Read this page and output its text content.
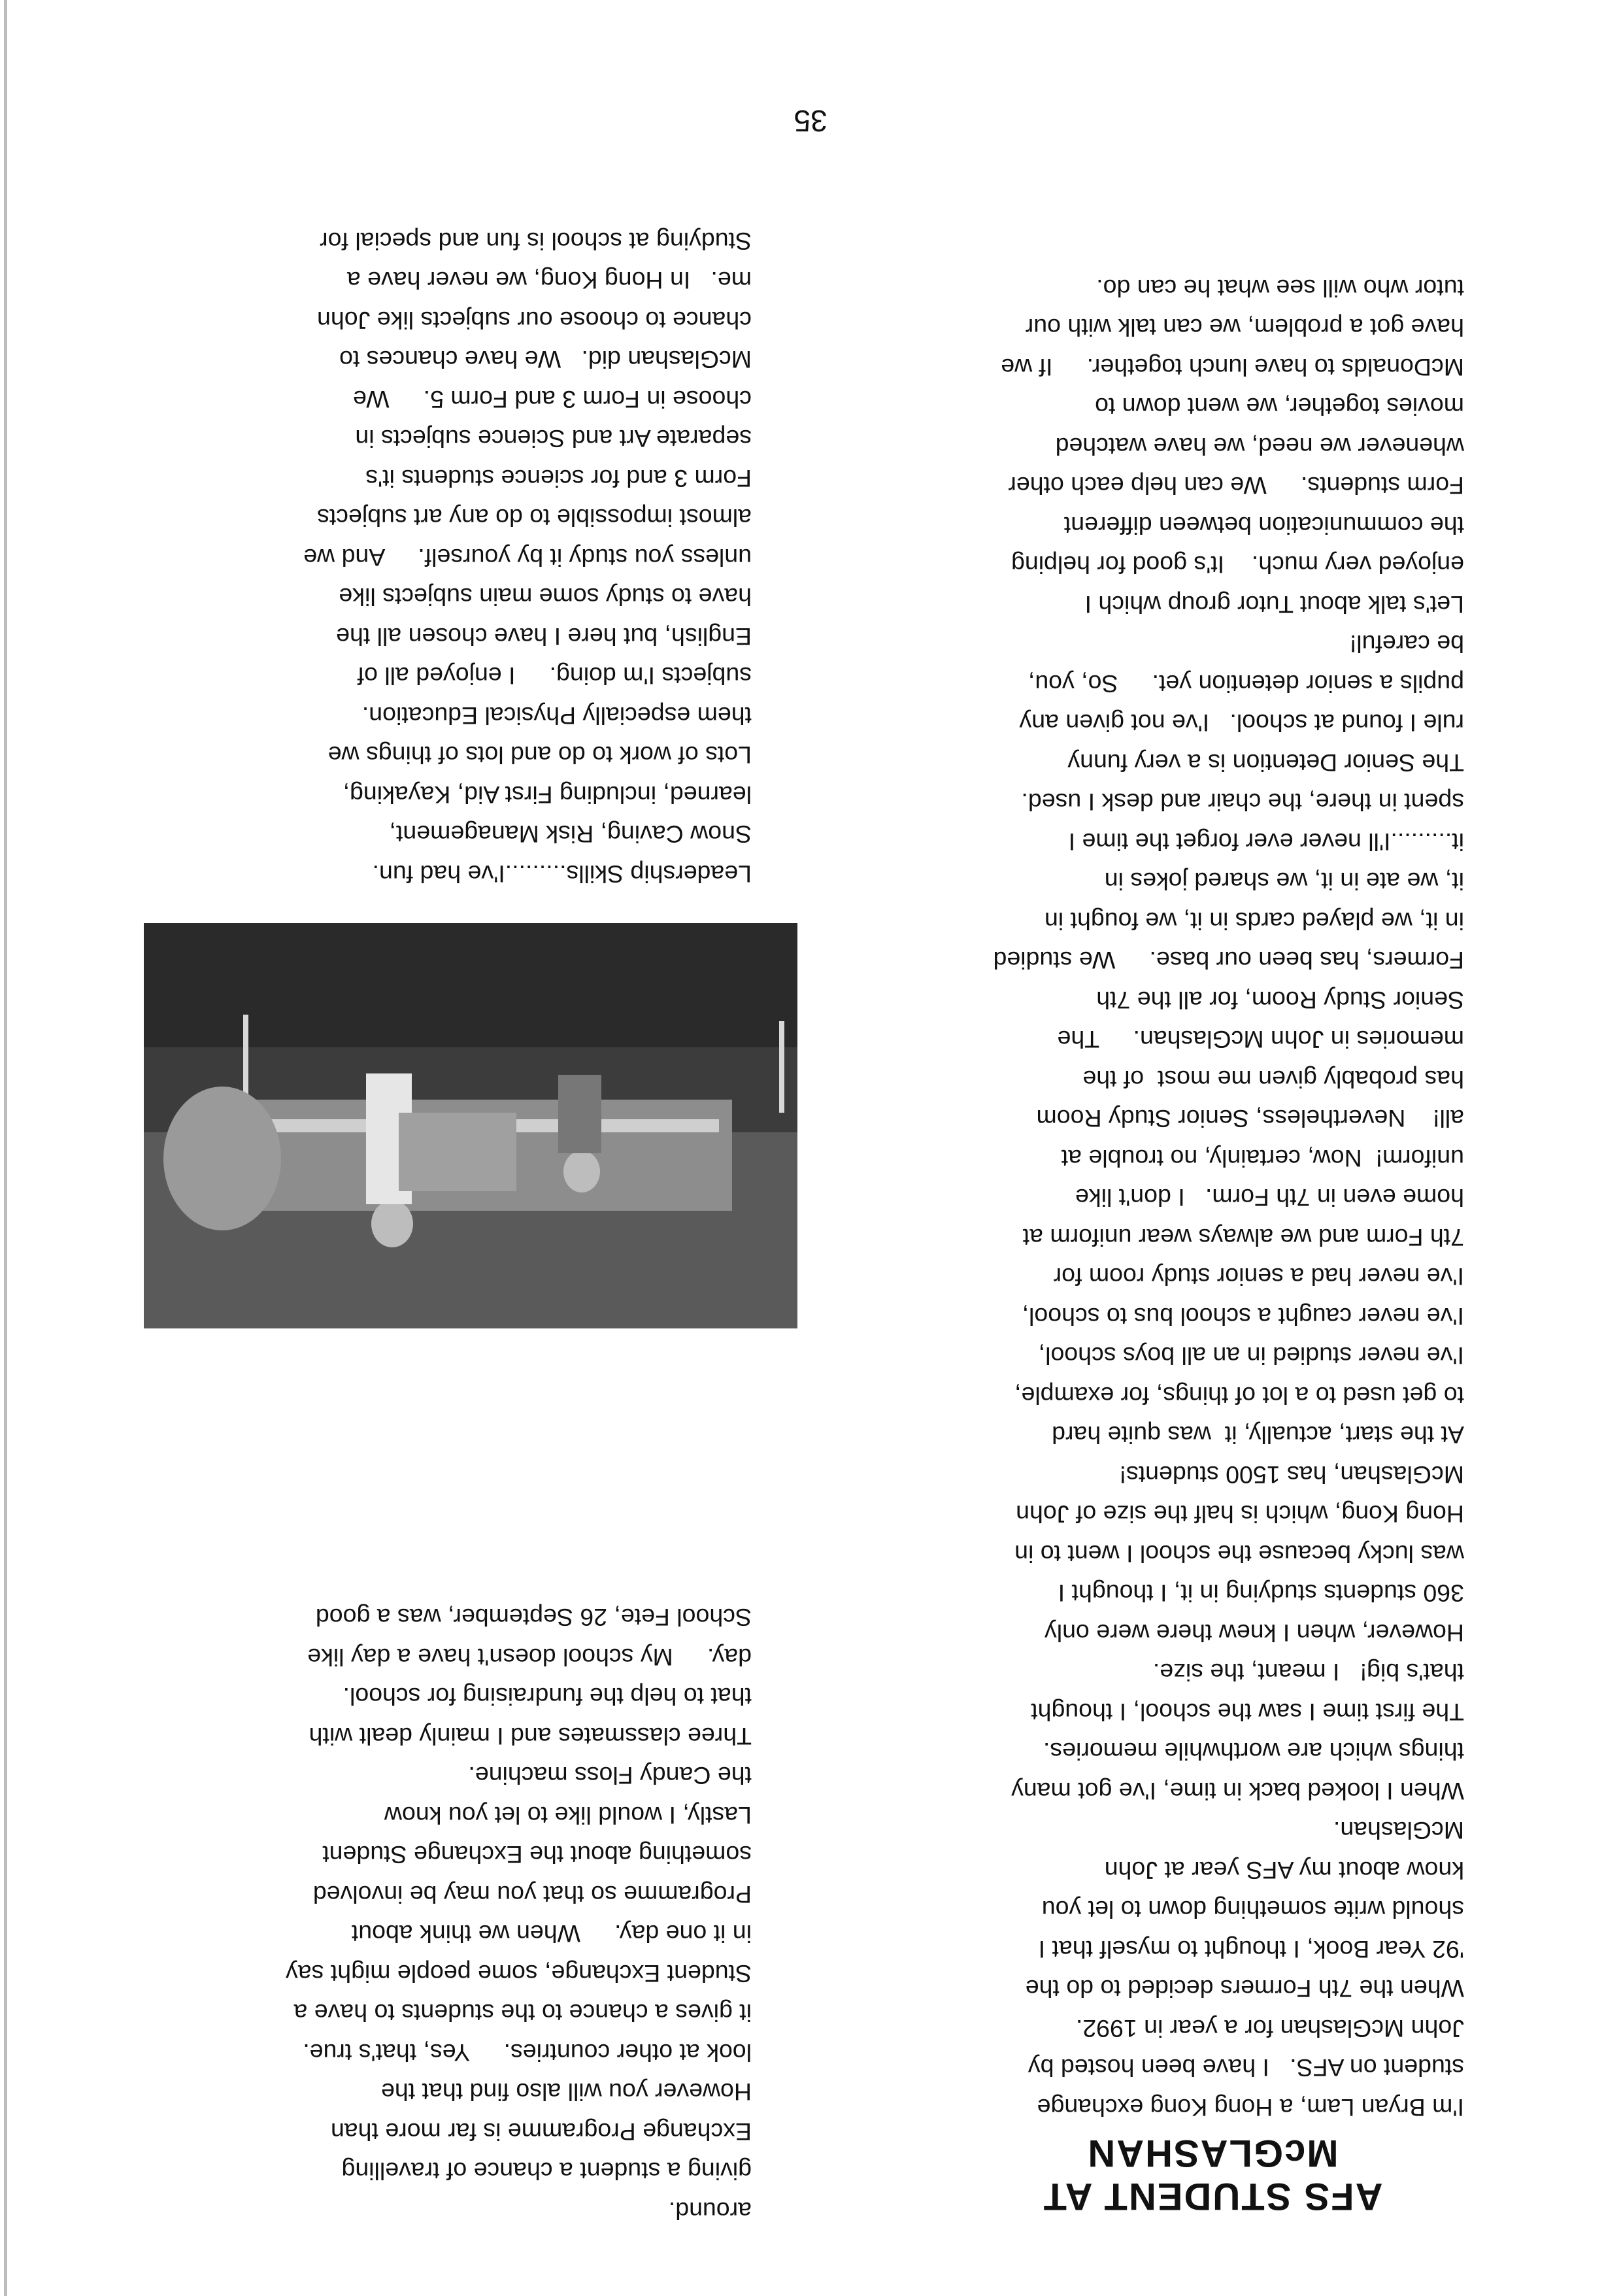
35
AFS STUDENT AT
McGLASHAN
I'm Bryan Lam, a Hong Kong exchange
student on AFS.   I have been hosted by
John McGlashan for a year in 1992.
When the 7th Formers decided to do the
'92 Year Book, I thought to myself that I
should write something down to let you
know about my AFS year at John
McGlashan.
When I looked back in time, I've got many
things which are worthwhile memories.
The first time I saw the school, I thought
that's big!   I meant, the size.
However, when I knew there were only
360 students studying in it, I thought I
was lucky because the school I went to in
Hong Kong, which is half the size of John
McGlashan, has 1500 students!
At the start, actually, it  was quite hard
to get used to a lot of things, for example,
I've never studied in an all boys school,
I've never caught a school bus to school,
I've never had a senior study room for
7th Form and we always wear uniform at
home even in 7th Form.   I don't like
uniform!  Now, certainly, no trouble at
all!    Nevertheless, Senior Study Room
has probably given me most  of the
memories in John McGlashan.     The
Senior Study Room, for all the 7th
Formers, has been our base.     We studied
in it, we played cards in it, we fought in
it, we ate in it, we shared jokes in
it.........I'll never ever forget the time I
spent in there, the chair and desk I used.
The Senior Detention is a very funny
rule I found at school.   I've not given any
pupils a senior detention yet.     So, you,
be careful!
Let's talk about Tutor group which I
enjoyed very much.    It's good for helping
the communication between different
Form students.     We can help each other
whenever we need, we have watched
movies together, we went down to
McDonalds to have lunch together.     If we
have got a problem, we can talk with our
tutor who will see what he can do.
around.
giving a student a chance of travelling
Exchange Programme is far more than
However you will also find that the
look at other countries.     Yes, that's true.
it gives a chance to the students to have a
Student Exchange, some people might say
in it one day.     When we think about
Programme so that you may be involved
something about the Exchange Student
Lastly, I would like to let you know
the Candy Floss machine.
Three classmates and I mainly dealt with
that to help the fundraising for school.
day.     My school doesn't have a day like
School Fete, 26 September, was a good
Leadership Skills.........I've had fun.
Snow Caving, Risk Management,
learned, including First Aid, Kayaking,
Lots of work to do and lots of things we
them especially Physical Education.
subjects I'm doing.     I enjoyed all of
English, but here I have chosen all the
have to study some main subjects like
unless you study it by yourself.     And we
almost impossible to do any art subjects
Form 3 and for science students it's
separate Art and Science subjects in
choose in Form 3 and Form 5.     We
McGlashan did.   We have chances to
chance to choose our subjects like John
me.   In Hong Kong, we never have a
Studying at school is fun and special for
